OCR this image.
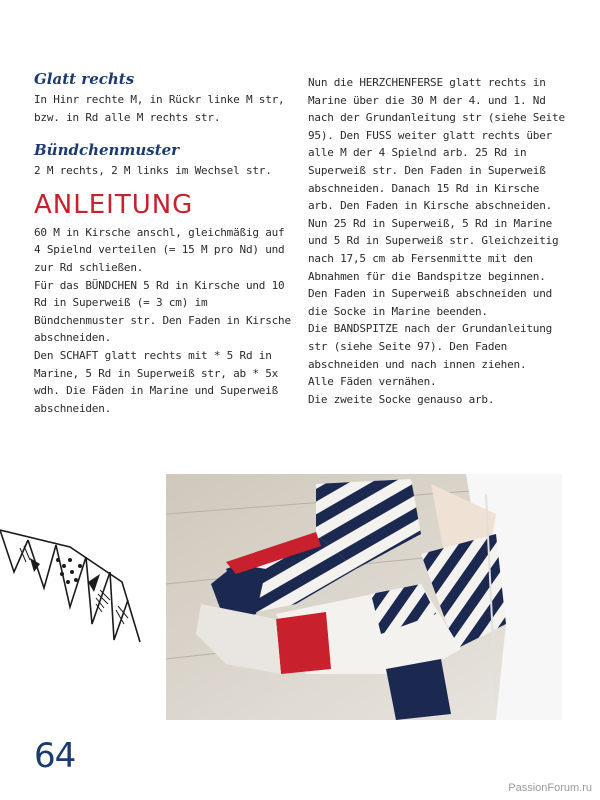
Glatt rechts

In Hinr rechte M, in Rückr linke M str, bzw. in Rd alle M rechts str.

Bündchenmuster

2 M rechts, 2 M links im Wechsel str.

ANLEITUNG

60 M in Kirsche anschl, gleichmäßig auf 4 Spielnd verteilen (= 15 M pro Nd) und zur Rd schließen.

Für das BÜNDCHEN 5 Rd in Kirsche und 10 Rd in Superweiß (= 3 cm) im Bündchenmuster str. Den Faden in Kirsche abschneiden.

Den SCHAFT glatt rechts mit * 5 Rd in Marine, 5 Rd in Superweiß str, ab * 5x wdh. Die Fäden in Marine und Superweiß abschneiden.

Nun die HERZCHENFERSE glatt rechts in Marine über die 30 M der 4. und 1. Nd nach der Grundanleitung str (siehe Seite 95). Den FUSS weiter glatt rechts über alle M der 4 Spielnd arb. 25 Rd in Superweiß str. Den Faden in Superweiß abschneiden. Danach 15 Rd in Kirsche arb. Den Faden in Kirsche abschneiden. Nun 25 Rd in Superweiß, 5 Rd in Marine und 5 Rd in Superweiß str. Gleichzeitig nach 17,5 cm ab Fersenmitte mit den Abnahmen für die Bandspitze beginnen. Den Faden in Superweiß abschneiden und die Socke in Marine beenden.

Die BANDSPITZE nach der Grundanleitung str (siehe Seite 97). Den Faden abschneiden und nach innen ziehen.

Alle Fäden vernähen.

Die zweite Socke genauso arb.

64
PassionForum.ru
